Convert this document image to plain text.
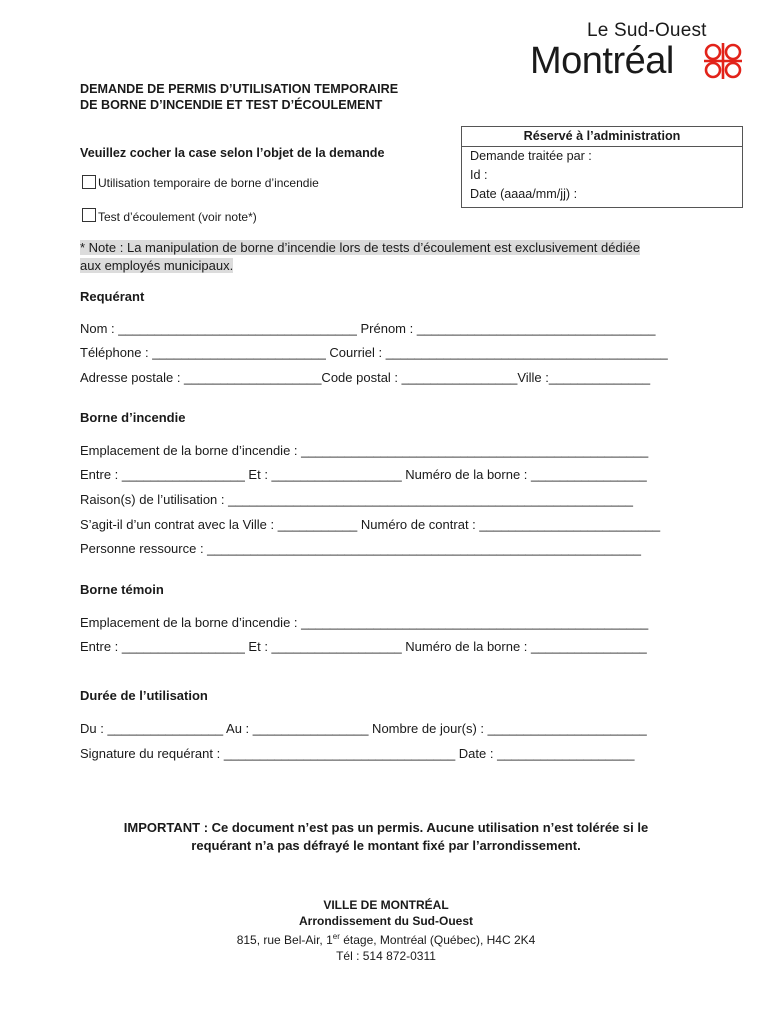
Le Sud-Ouest
Montréal
DEMANDE DE PERMIS D’UTILISATION TEMPORAIRE
DE BORNE D’INCENDIE ET TEST D’ÉCOULEMENT
Réservé à l’administration
Demande traitée par :
Id :
Date (aaaa/mm/jj) :
Veuillez cocher la case selon l’objet de la demande
Utilisation temporaire de borne d’incendie
Test d’écoulement (voir note*)
* Note : La manipulation de borne d’incendie lors de tests d’écoulement est exclusivement dédiée
aux employés municipaux.
Requérant
Nom : _________________________________ Prénom : _________________________________
Téléphone : ________________________ Courriel : _______________________________________
Adresse postale : ___________________Code postal : ________________Ville :______________
Borne d’incendie
Emplacement de la borne d’incendie : ________________________________________________
Entre : _________________ Et : __________________ Numéro de la borne : ________________
Raison(s) de l’utilisation : ________________________________________________________
S’agit-il d’un contrat avec la Ville : ___________ Numéro de contrat : _________________________
Personne ressource : ____________________________________________________________
Borne témoin
Emplacement de la borne d’incendie : ________________________________________________
Entre : _________________ Et : __________________ Numéro de la borne : ________________
Durée de l’utilisation
Du : ________________ Au : ________________ Nombre de jour(s) : ______________________
Signature du requérant : ________________________________ Date : ___________________
IMPORTANT : Ce document n’est pas un permis. Aucune utilisation n’est tolérée si le
requérant n’a pas défrayé le montant fixé par l’arrondissement.
VILLE DE MONTRÉAL
Arrondissement du Sud-Ouest
815, rue Bel-Air, 1er étage, Montréal (Québec), H4C 2K4
Tél : 514 872-0311
